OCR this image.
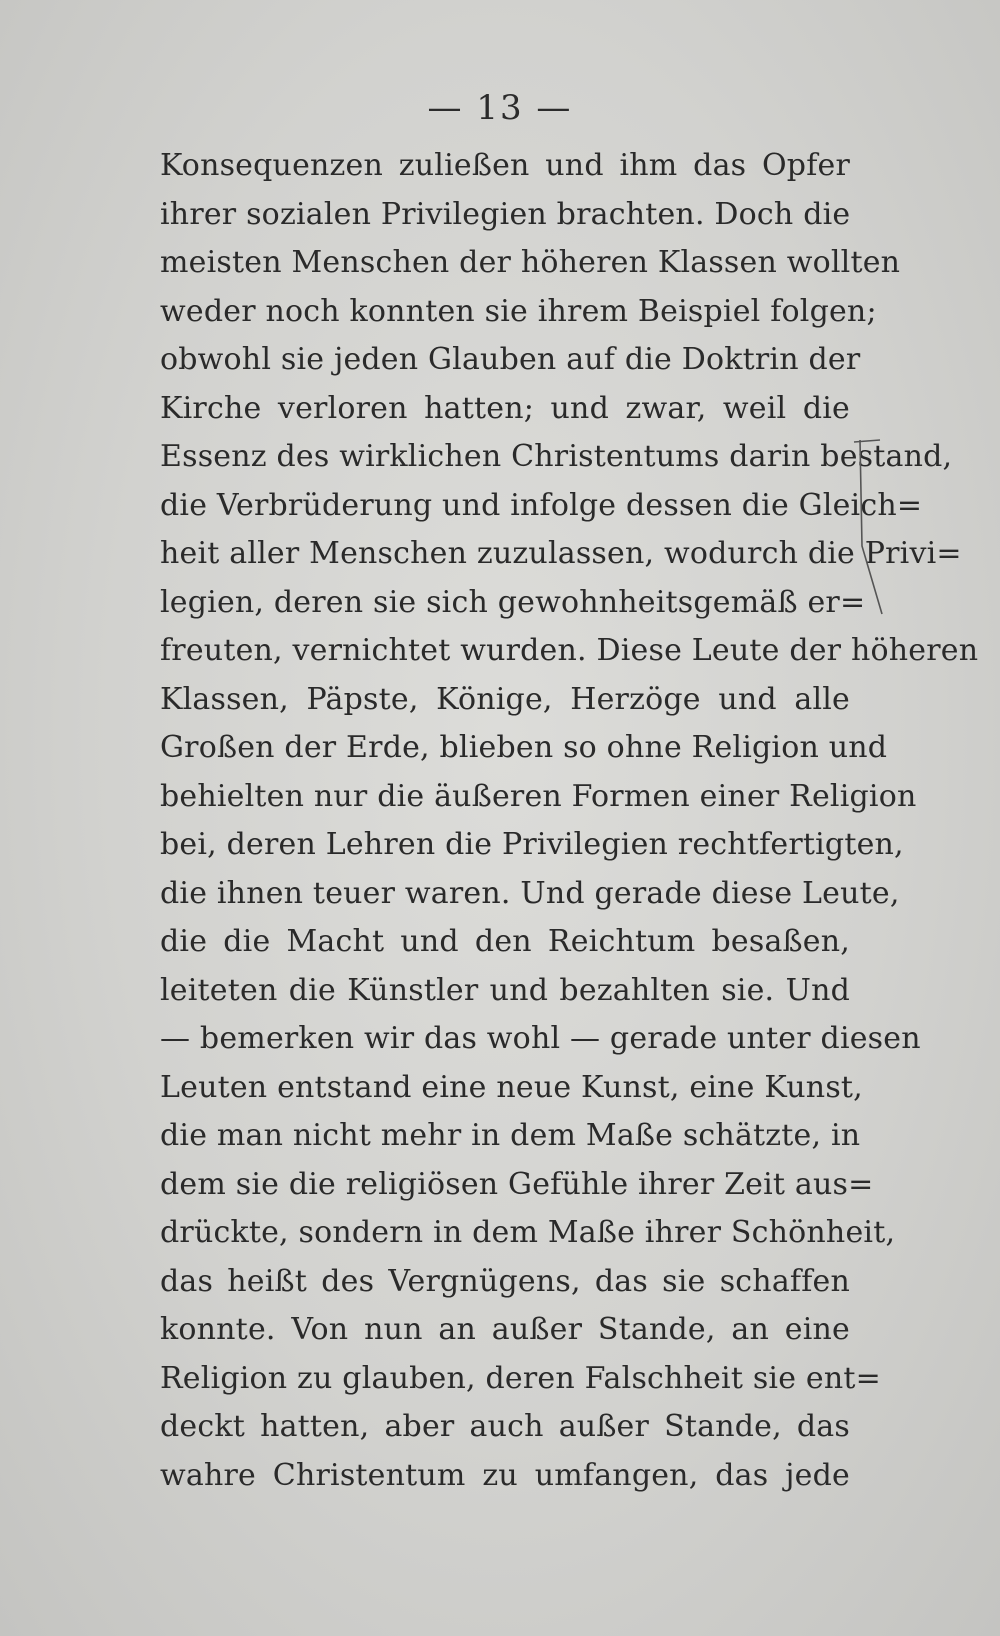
— 13 —
Konsequenzen zuließen und ihm das Opfer
ihrer sozialen Privilegien brachten. Doch die
meisten Menschen der höheren Klassen wollten
weder noch konnten sie ihrem Beispiel folgen;
obwohl sie jeden Glauben auf die Doktrin der
Kirche verloren hatten; und zwar, weil die
Essenz des wirklichen Christentums darin bestand,
die Verbrüderung und infolge dessen die Gleich=
heit aller Menschen zuzulassen, wodurch die Privi=
legien, deren sie sich gewohnheitsgemäß er=
freuten, vernichtet wurden. Diese Leute der höheren
Klassen, Päpste, Könige, Herzöge und alle
Großen der Erde, blieben so ohne Religion und
behielten nur die äußeren Formen einer Religion
bei, deren Lehren die Privilegien rechtfertigten,
die ihnen teuer waren. Und gerade diese Leute,
die die Macht und den Reichtum besaßen,
leiteten die Künstler und bezahlten sie. Und
— bemerken wir das wohl — gerade unter diesen
Leuten entstand eine neue Kunst, eine Kunst,
die man nicht mehr in dem Maße schätzte, in
dem sie die religiösen Gefühle ihrer Zeit aus=
drückte, sondern in dem Maße ihrer Schönheit,
das heißt des Vergnügens, das sie schaffen
konnte. Von nun an außer Stande, an eine
Religion zu glauben, deren Falschheit sie ent=
deckt hatten, aber auch außer Stande, das
wahre Christentum zu umfangen, das jede
